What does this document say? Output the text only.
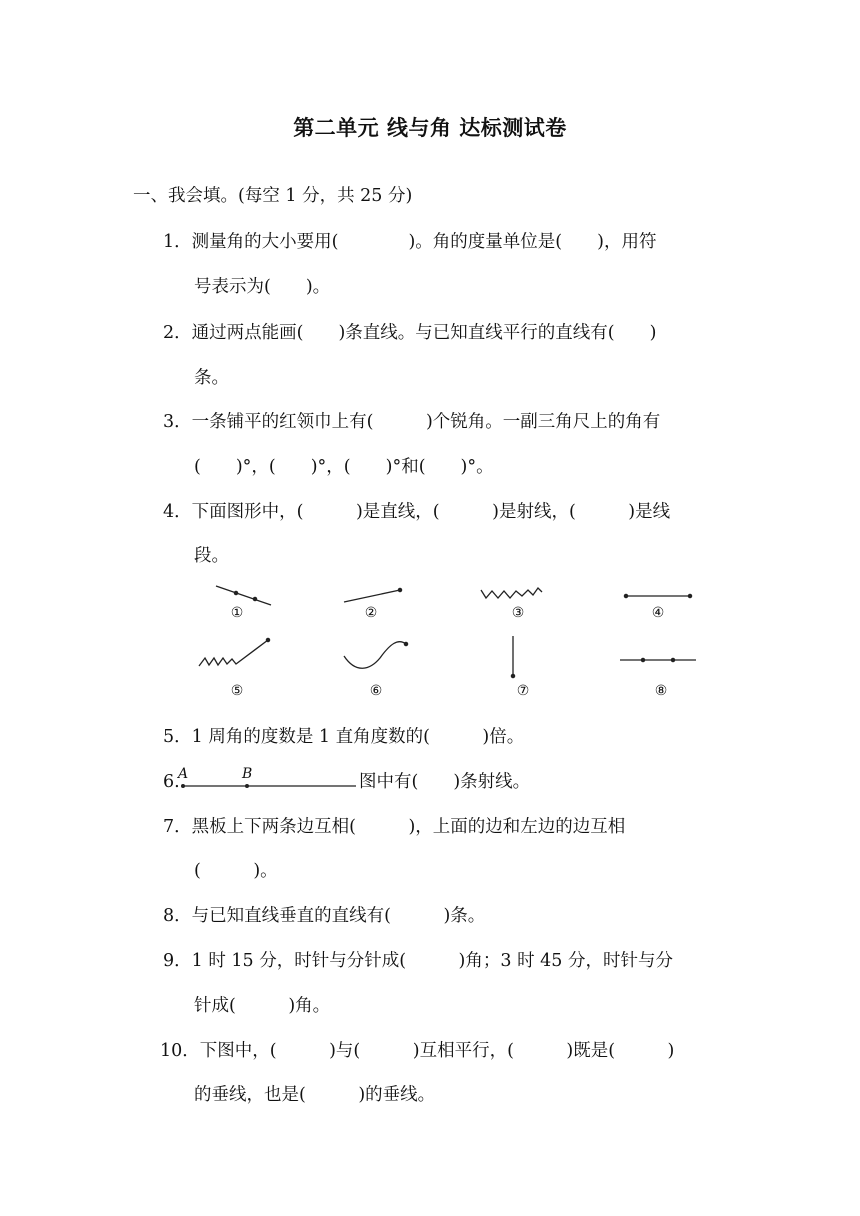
第二单元 线与角 达标测试卷
一、我会填。(每空 1 分，共 25 分)
1．测量角的大小要用(　　　　)。角的度量单位是(　　)，用符
号表示为(　　)。
2．通过两点能画(　　)条直线。与已知直线平行的直线有(　　)
条。
3．一条铺平的红领巾上有(　　　)个锐角。一副三角尺上的角有
(　　)°，(　　)°，(　　)°和(　　)°。
4．下面图形中，(　　　)是直线，(　　　)是射线，(　　　)是线
段。
①	②	③	④
⑤	⑥	⑦	⑧
5．1 周角的度数是 1 直角度数的(　　　)倍。
6.
A	B	图中有(　　)条射线。
7．黑板上下两条边互相(　　　)，上面的边和左边的边互相
(　　　)。
8．与已知直线垂直的直线有(　　　)条。
9．1 时 15 分，时针与分针成(　　　)角；3 时 45 分，时针与分
针成(　　　)角。
10．下图中，(　　　)与(　　　)互相平行，(　　　)既是(　　　)
的垂线，也是(　　　)的垂线。
